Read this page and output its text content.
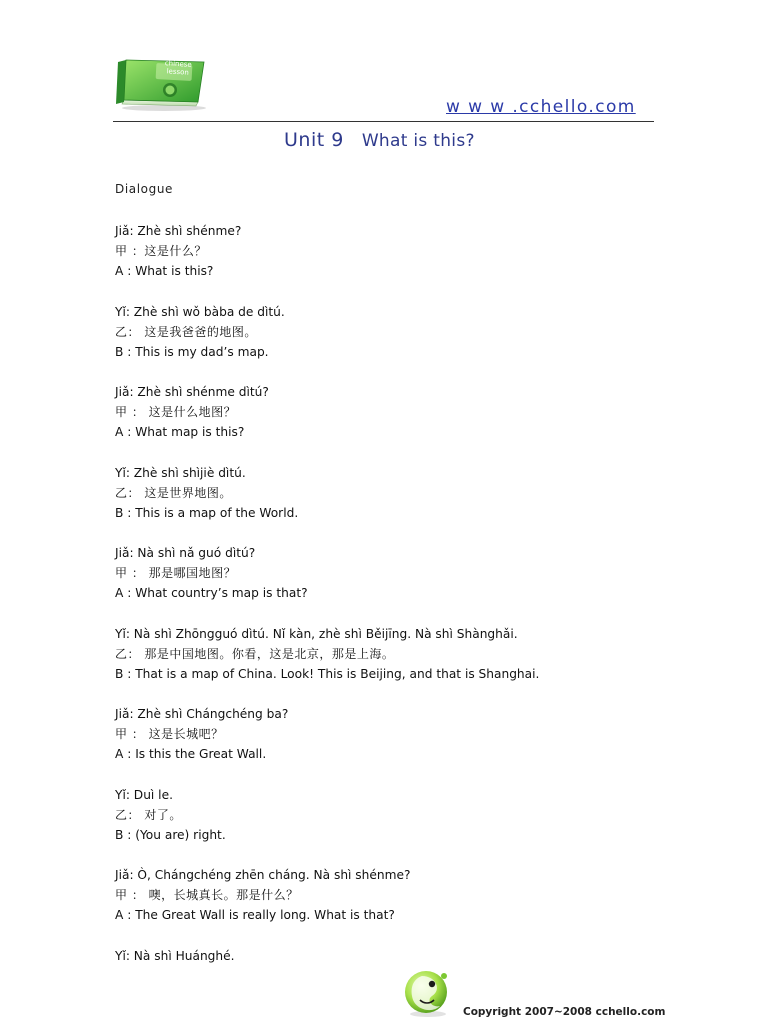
chinese lesson
w w w .cchello.com
Unit 9 What is this?
Dialogue
Jiǎ: Zhè shì shénme?
甲 ：这是什么？
A : What is this?
Yǐ: Zhè shì wǒ bàba de dìtú.
乙： 这是我爸爸的地图。
B : This is my dad’s map.
Jiǎ: Zhè shì shénme dìtú?
甲 ： 这是什么地图？
A : What map is this?
Yǐ: Zhè shì shìjiè dìtú.
乙： 这是世界地图。
B : This is a map of the World.
Jiǎ: Nà shì nǎ guó dìtú?
甲 ： 那是哪国地图？
A : What country’s map is that?
Yǐ: Nà shì Zhōngguó dìtú. Nǐ kàn, zhè shì Běijīng. Nà shì Shànghǎi.
乙： 那是中国地图。你看，这是北京，那是上海。
B : That is a map of China. Look! This is Beijing, and that is Shanghai.
Jiǎ: Zhè shì Chángchéng ba?
甲 ： 这是长城吧？
A : Is this the Great Wall.
Yǐ: Duì le.
乙： 对了。
B : (You are) right.
Jiǎ: Ò, Chángchéng zhēn cháng. Nà shì shénme?
甲 ： 噢，长城真长。那是什么？
A : The Great Wall is really long. What is that?
Yǐ: Nà shì Huánghé.
Copyright 2007~2008 cchello.com
